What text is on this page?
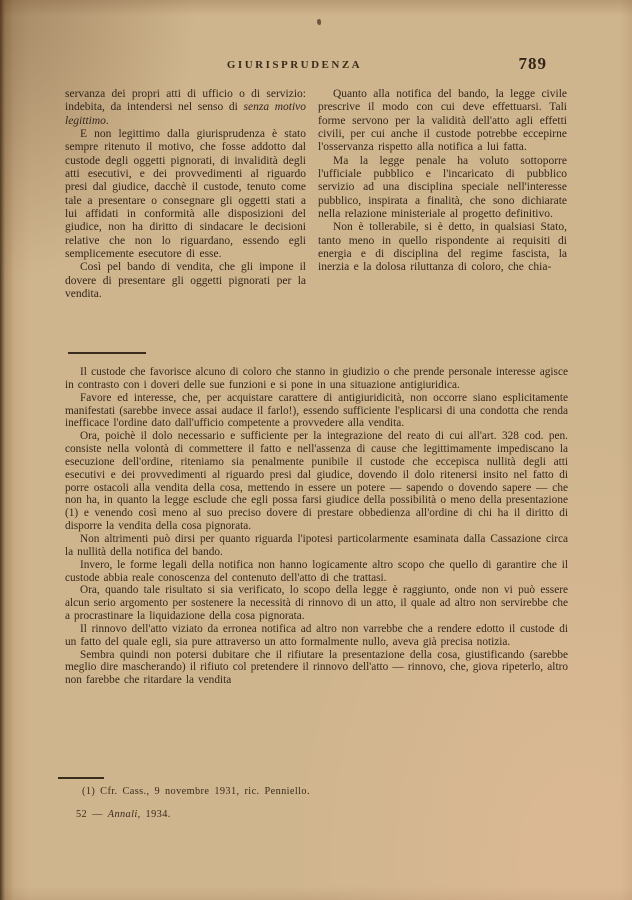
GIURISPRUDENZA	789

servanza dei propri atti di ufficio o di servizio: indebita, da intendersi nel senso di senza motivo legittimo.

E non legittimo dalla giurisprudenza è stato sempre ritenuto il motivo, che fosse addotto dal custode degli oggetti pignorati, di invalidità degli atti esecutivi, e dei provvedimenti al riguardo presi dal giudice, dacchè il custode, tenuto come tale a presentare o consegnare gli oggetti stati a lui affidati in conformità alle disposizioni del giudice, non ha diritto di sindacare le decisioni relative che non lo riguardano, essendo egli semplicemente esecutore di esse.

Così pel bando di vendita, che gli impone il dovere di presentare gli oggetti pignorati per la vendita.

Quanto alla notifica del bando, la legge civile prescrive il modo con cui deve effettuarsi. Tali forme servono per la validità dell'atto agli effetti civili, per cui anche il custode potrebbe eccepirne l'osservanza rispetto alla notifica a lui fatta.

Ma la legge penale ha voluto sottoporre l'ufficiale pubblico e l'incaricato di pubblico servizio ad una disciplina speciale nell'interesse pubblico, inspirata a finalità, che sono dichiarate nella relazione ministeriale al progetto definitivo.

Non è tollerabile, si è detto, in qualsiasi Stato, tanto meno in quello rispondente ai requisiti di energia e di disciplina del regime fascista, la inerzia e la dolosa riluttanza di coloro, che chia-

Il custode che favorisce alcuno di coloro che stanno in giudizio o che prende personale interesse agisce in contrasto con i doveri delle sue funzioni e si pone in una situazione antigiuridica.

Favore ed interesse, che, per acquistare carattere di antigiuridicità, non occorre siano esplicitamente manifestati (sarebbe invece assai audace il farlo!), essendo sufficiente l'esplicarsi di una condotta che renda inefficace l'ordine dato dall'ufficio competente a provvedere alla vendita.

Ora, poichè il dolo necessario e sufficiente per la integrazione del reato di cui all'art. 328 cod. pen. consiste nella volontà di commettere il fatto e nell'assenza di cause che legittimamente impediscano la esecuzione dell'ordine, riteniamo sia penalmente punibile il custode che eccepisca nullità degli atti esecutivi e dei provvedimenti al riguardo presi dal giudice, dovendo il dolo ritenersi insito nel fatto di porre ostacoli alla vendita della cosa, mettendo in essere un potere — sapendo o dovendo sapere — che non ha, in quanto la legge esclude che egli possa farsi giudice della possibilità o meno della presentazione (1) e venendo così meno al suo preciso dovere di prestare obbedienza all'ordine di chi ha il diritto di disporre la vendita della cosa pignorata.

Non altrimenti può dirsi per quanto riguarda l'ipotesi particolarmente esaminata dalla Cassazione circa la nullità della notifica del bando.

Invero, le forme legali della notifica non hanno logicamente altro scopo che quello di garantire che il custode abbia reale conoscenza del contenuto dell'atto di che trattasi.

Ora, quando tale risultato si sia verificato, lo scopo della legge è raggiunto, onde non vi può essere alcun serio argomento per sostenere la necessità di rinnovo di un atto, il quale ad altro non servirebbe che a procrastinare la liquidazione della cosa pignorata.

Il rinnovo dell'atto viziato da erronea notifica ad altro non varrebbe che a rendere edotto il custode di un fatto del quale egli, sia pure attraverso un atto formalmente nullo, aveva già precisa notizia.

Sembra quindi non potersi dubitare che il rifiutare la presentazione della cosa, giustificando (sarebbe meglio dire mascherando) il rifiuto col pretendere il rinnovo dell'atto — rinnovo, che, giova ripeterlo, altro non farebbe che ritardare la vendita

(1) Cfr. Cass., 9 novembre 1931, ric. Penniello.

52 — Annali, 1934.
